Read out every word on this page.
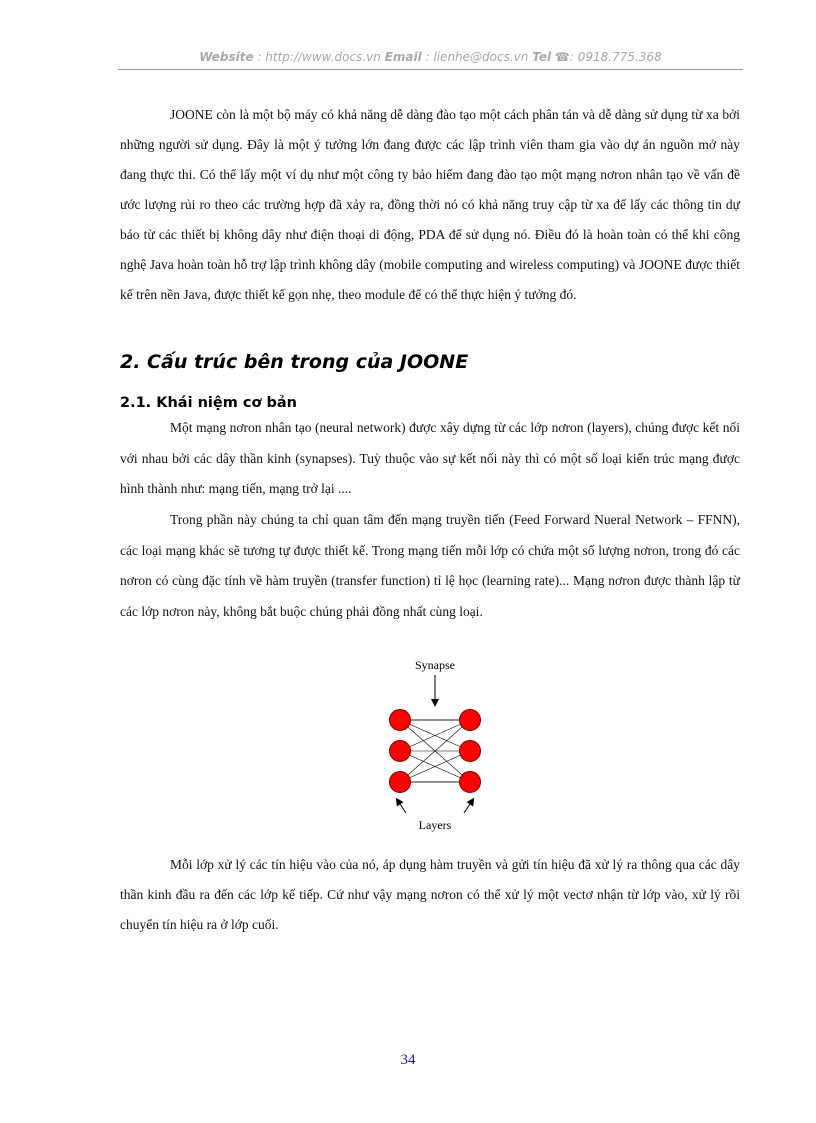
Website : http://www.docs.vn Email : lienhe@docs.vn Tel ☎: 0918.775.368

JOONE còn là một bộ máy có khả năng dễ dàng đào tạo một cách phân tán và dễ dàng sử dụng từ xa bởi những người sử dụng. Đây là một ý tưởng lớn đang được các lập trình viên tham gia vào dự án nguồn mở này đang thực thi. Có thể lấy một ví dụ như một công ty bảo hiểm đang đào tạo một mạng nơron nhân tạo về vấn đề ước lượng rủi ro theo các trường hợp đã xảy ra, đồng thời nó có khả năng truy cập từ xa để lấy các thông tin dự báo từ các thiết bị không dây như điện thoại di động, PDA để sử dụng nó. Điều đó là hoàn toàn có thể khi công nghệ Java hoàn toàn hỗ trợ lập trình không dây (mobile computing and wireless computing) và JOONE được thiết kế trên nền Java, được thiết kế gọn nhẹ, theo module để có thể thực hiện ý tưởng đó.

2. Cấu trúc bên trong của JOONE
2.1. Khái niệm cơ bản

Một mạng nơron nhân tạo (neural network) được xây dựng từ các lớp nơron (layers), chúng được kết nối với nhau bởi các dây thần kinh (synapses). Tuỳ thuộc vào sự kết nối này thì có một số loại kiến trúc mạng được hình thành như: mạng tiến, mạng trở lại ....

Trong phần này chúng ta chỉ quan tâm đến mạng truyền tiến (Feed Forward Nueral Network – FFNN), các loại mạng khác sẽ tương tự được thiết kế. Trong mạng tiến mỗi lớp có chứa một số lượng nơron, trong đó các nơron có cùng đặc tính về hàm truyền (transfer function) tỉ lệ học (learning rate)... Mạng nơron được thành lập từ các lớp nơron này, không bắt buộc chúng phải đồng nhất cùng loại.

Synapse
Layers

Mỗi lớp xử lý các tín hiệu vào của nó, áp dụng hàm truyền và gửi tín hiệu đã xử lý ra thông qua các dây thần kinh đầu ra đến các lớp kế tiếp. Cứ như vậy mạng nơron có thể xử lý một vectơ nhận từ lớp vào, xử lý rồi chuyển tín hiệu ra ở lớp cuối.

34
